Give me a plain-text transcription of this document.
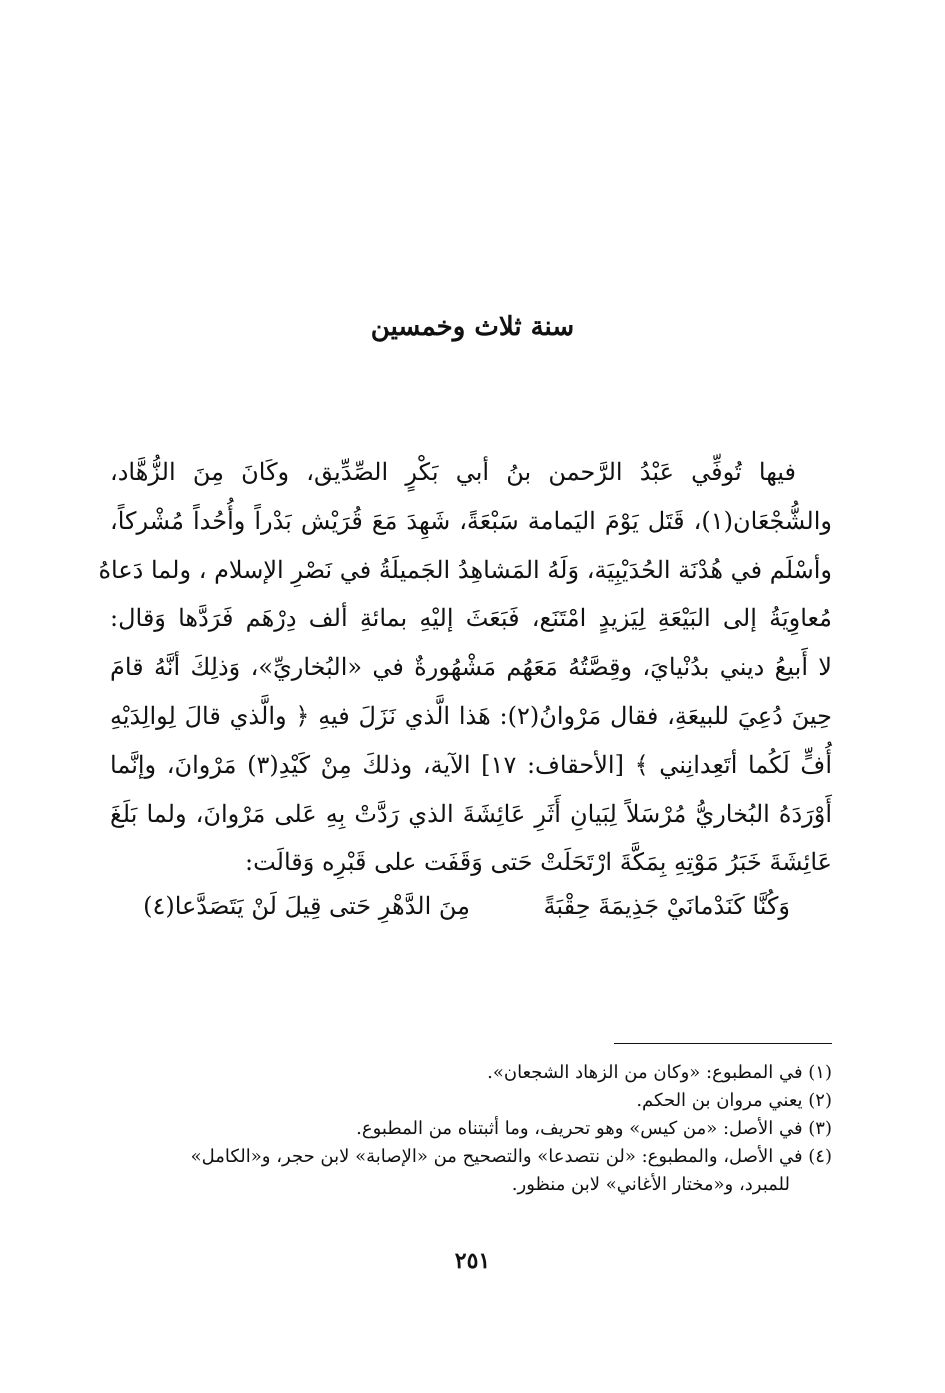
سنة ثلاث وخمسين
فيها تُوفِّي عَبْدُ الرَّحمن بنُ أبي بَكْرٍ الصِّدِّيق، وكَانَ مِنَ الزُّهَّاد،
والشُّجْعَان(١)، قَتَل يَوْمَ اليَمامة سَبْعَةً، شَهِدَ مَعَ قُرَيْش بَدْراً وأُحُداً مُشْركاً،
وأسْلَم في هُدْنَة الحُدَيْبِيَة، وَلَهُ المَشاهِدُ الجَميلَةُ في نَصْرِ الإسلام ، ولما دَعاهُ
مُعاوِيَةُ إلى البَيْعَةِ لِيَزيدٍ امْتَنَع، فَبَعَثَ إليْهِ بمائةِ ألف دِرْهَم فَرَدَّها وَقال:
لا أَبيعُ ديني بدُنْيايَ، وقِصَّتُهُ مَعَهُم مَشْهُورةٌ في «البُخاريِّ»، وَذلِكَ أنَّهُ قامَ
حِينَ دُعِيَ للبيعَةِ، فقال مَرْوانُ(٢): هَذا الَّذي نَزَلَ فيهِ ﴿ والَّذي قالَ لِوالِدَيْهِ
أُفٍّ لَكُما أتَعِدانِني ﴾ [الأحقاف: ١٧] الآية، وذلكَ مِنْ كَيْدِ(٣) مَرْوانَ، وإنَّما
أَوْرَدَهُ البُخاريُّ مُرْسَلاً لِبَيانِ أَثَرِ عَائِشَةَ الذي رَدَّتْ بِهِ عَلى مَرْوانَ، ولما بَلَغَ
عَائِشَةَ خَبَرُ مَوْتِهِ بِمَكَّةَ ارْتَحَلَتْ حَتى وَقَفَت على قَبْرِه وَقالَت:
وَكُنَّا كَنَدْمانَيْ جَذِيمَةَ حِقْبَةً
مِنَ الدَّهْرِ حَتى قِيلَ لَنْ يَتَصَدَّعا(٤)
(١) في المطبوع: «وكان من الزهاد الشجعان».
(٢) يعني مروان بن الحكم.
(٣) في الأصل: «من كيس» وهو تحريف، وما أثبتناه من المطبوع.
(٤) في الأصل، والمطبوع: «لن نتصدعا» والتصحيح من «الإصابة» لابن حجر، و«الكامل»
للمبرد، و«مختار الأغاني» لابن منظور.
٢٥١
